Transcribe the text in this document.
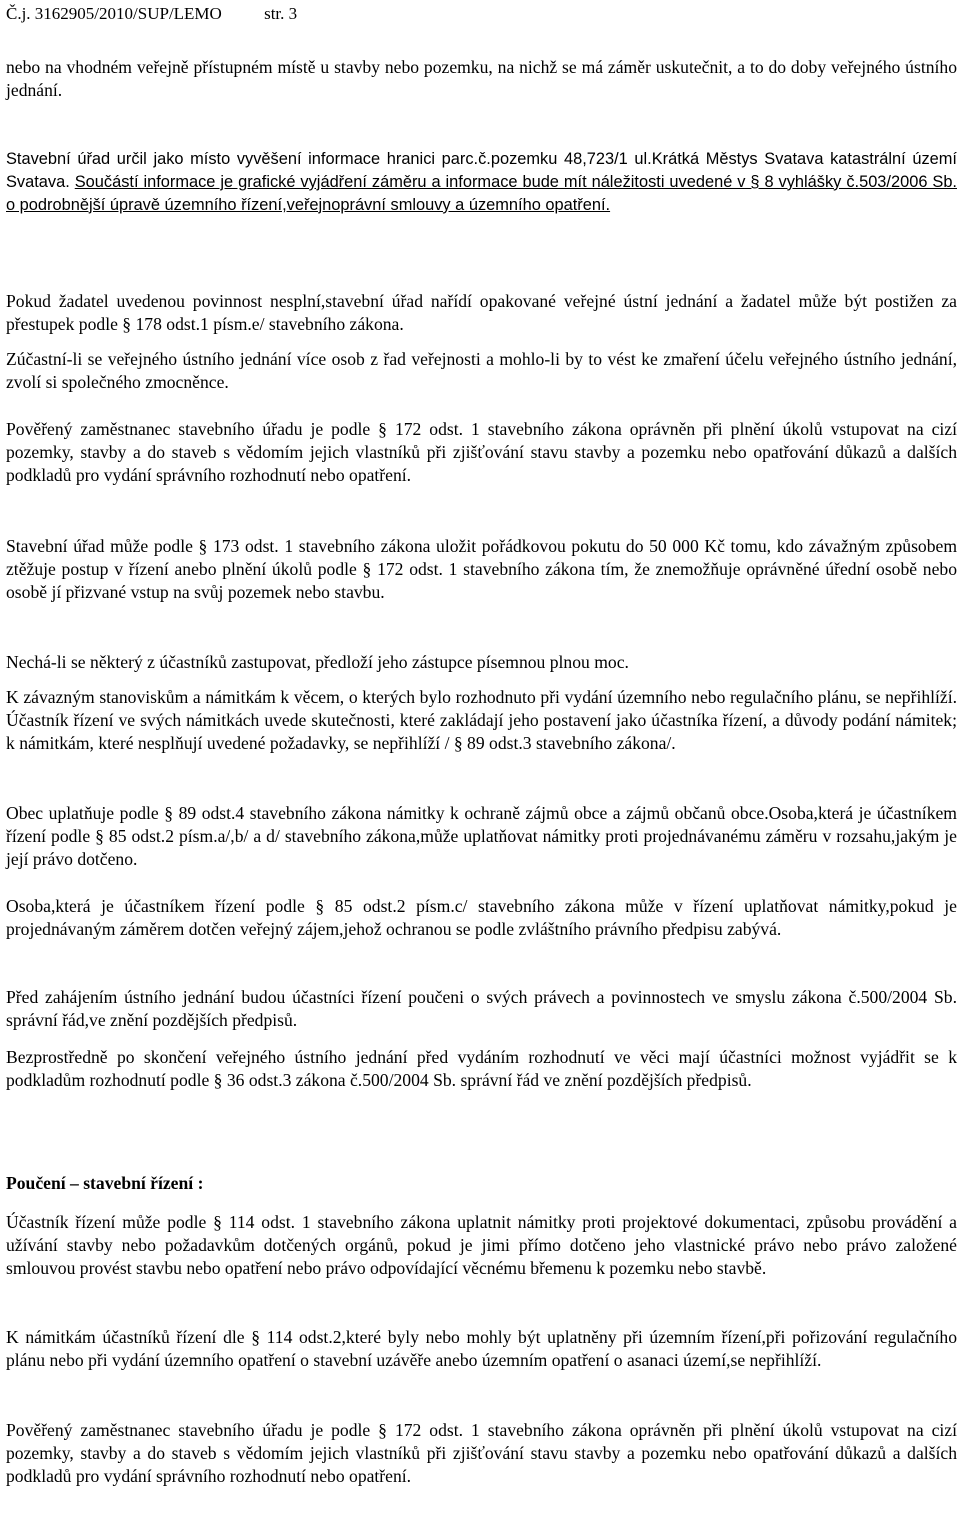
Č.j. 3162905/2010/SUP/LEMO str. 3
nebo na vhodném veřejně přístupném místě u stavby nebo pozemku, na nichž se má záměr uskutečnit, a to do doby veřejného ústního jednání.
Stavební úřad určil jako místo vyvěšení informace hranici parc.č.pozemku 48,723/1 ul.Krátká Městys Svatava katastrální území Svatava. Součástí informace je grafické vyjádření záměru a informace bude mít náležitosti uvedené v § 8 vyhlášky č.503/2006 Sb. o podrobnější úpravě územního řízení,veřejnoprávní smlouvy a územního opatření.
Pokud žadatel uvedenou povinnost nesplní,stavební úřad nařídí opakované veřejné ústní jednání a žadatel může být postižen za přestupek podle § 178 odst.1 písm.e/ stavebního zákona.
Zúčastní-li se veřejného ústního jednání více osob z řad veřejnosti a mohlo-li by to vést ke zmaření účelu veřejného ústního jednání, zvolí si společného zmocněnce.
Pověřený zaměstnanec stavebního úřadu je podle § 172 odst. 1 stavebního zákona oprávněn při plnění úkolů vstupovat na cizí pozemky, stavby a do staveb s vědomím jejich vlastníků při zjišťování stavu stavby a pozemku nebo opatřování důkazů a dalších podkladů pro vydání správního rozhodnutí nebo opatření.
Stavební úřad může podle § 173 odst. 1 stavebního zákona uložit pořádkovou pokutu do 50 000 Kč tomu, kdo závažným způsobem ztěžuje postup v řízení anebo plnění úkolů podle § 172 odst. 1 stavebního zákona tím, že znemožňuje oprávněné úřední osobě nebo osobě jí přizvané vstup na svůj pozemek nebo stavbu.
Nechá-li se některý z účastníků zastupovat, předloží jeho zástupce písemnou plnou moc.
K závazným stanoviskům a námitkám k věcem, o kterých bylo rozhodnuto při vydání územního nebo regulačního plánu, se nepřihlíží. Účastník řízení ve svých námitkách uvede skutečnosti, které zakládají jeho postavení jako účastníka řízení, a důvody podání námitek; k námitkám, které nesplňují uvedené požadavky, se nepřihlíží / § 89 odst.3 stavebního zákona/.
Obec uplatňuje podle § 89 odst.4 stavebního zákona námitky k ochraně zájmů obce a zájmů občanů obce.Osoba,která je účastníkem řízení podle § 85 odst.2 písm.a/,b/ a d/ stavebního zákona,může uplatňovat námitky proti projednávanému záměru v rozsahu,jakým je její právo dotčeno.
Osoba,která je účastníkem řízení podle § 85 odst.2 písm.c/ stavebního zákona může v řízení uplatňovat námitky,pokud je projednávaným záměrem dotčen veřejný zájem,jehož ochranou se podle zvláštního právního předpisu zabývá.
Před zahájením ústního jednání budou účastníci řízení poučeni o svých právech a povinnostech ve smyslu zákona č.500/2004 Sb. správní řád,ve znění pozdějších předpisů.
Bezprostředně po skončení veřejného ústního jednání před vydáním rozhodnutí ve věci mají účastníci možnost vyjádřit se k podkladům rozhodnutí podle § 36 odst.3 zákona č.500/2004 Sb. správní řád ve znění pozdějších předpisů.
Poučení – stavební řízení :
Účastník řízení může podle § 114 odst. 1 stavebního zákona uplatnit námitky proti projektové dokumentaci, způsobu provádění a užívání stavby nebo požadavkům dotčených orgánů, pokud je jimi přímo dotčeno jeho vlastnické právo nebo právo založené smlouvou provést stavbu nebo opatření nebo právo odpovídající věcnému břemenu k pozemku nebo stavbě.
K námitkám účastníků řízení dle § 114 odst.2,které byly nebo mohly být uplatněny při územním řízení,při pořizování regulačního plánu nebo při vydání územního opatření o stavební uzávěře anebo územním opatření o asanaci území,se nepřihlíží.
Pověřený zaměstnanec stavebního úřadu je podle § 172 odst. 1 stavebního zákona oprávněn při plnění úkolů vstupovat na cizí pozemky, stavby a do staveb s vědomím jejich vlastníků při zjišťování stavu stavby a pozemku nebo opatřování důkazů a dalších podkladů pro vydání správního rozhodnutí nebo opatření.
